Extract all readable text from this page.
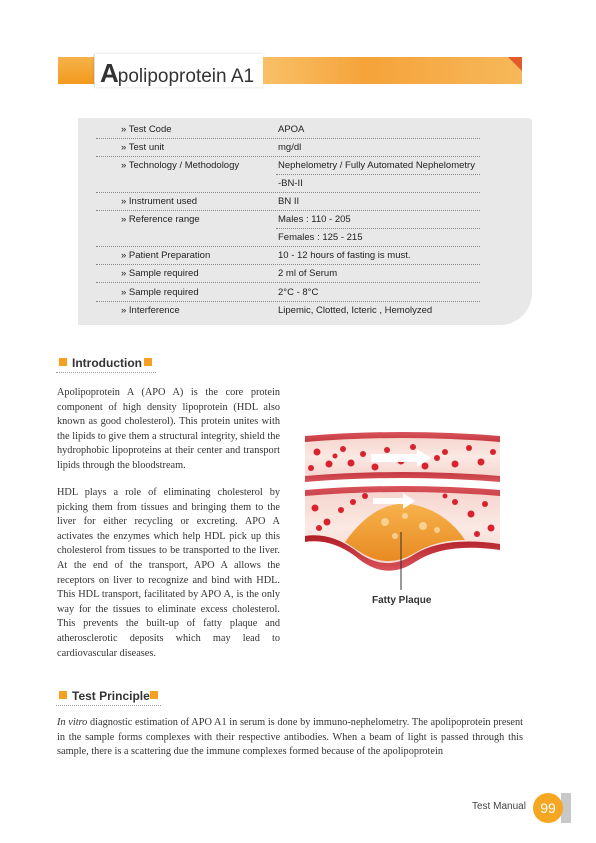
Apolipoprotein A1
» Test Code	APOA
» Test unit	mg/dl
» Technology / Methodology	Nephelometry / Fully Automated Nephelometry
-BN-II
» Instrument used	BN II
» Reference range	Males : 110 - 205
Females : 125 - 215
» Patient Preparation	10 - 12 hours of fasting is must.
» Sample required	2 ml of Serum
» Sample required	2°C - 8°C
» Interference	Lipemic, Clotted, Icteric , Hemolyzed
Introduction
Apolipoprotein A (APO A) is the core protein component of high density lipoprotein (HDL also known as good cholesterol). This protein unites with the lipids to give them a structural integrity, shield the hydrophobic lipoproteins at their center and transport lipids through the bloodstream.
HDL plays a role of eliminating cholesterol by picking them from tissues and bringing them to the liver for either recycling or excreting. APO A activates the enzymes which help HDL pick up this cholesterol from tissues to be transported to the liver. At the end of the transport, APO A allows the receptors on liver to recognize and bind with HDL. This HDL transport, facilitated by APO A, is the only way for the tissues to eliminate excess cholesterol. This prevents the built-up of fatty plaque and atherosclerotic deposits which may lead to cardiovascular diseases.
Fatty Plaque
Test Principle
In vitro diagnostic estimation of APO A1 in serum is done by immuno-nephelometry. The apolipoprotein present in the sample forms complexes with their respective antibodies. When a beam of light is passed through this sample, there is a scattering due the immune complexes formed because of the apolipoprotein
Test Manual	99
